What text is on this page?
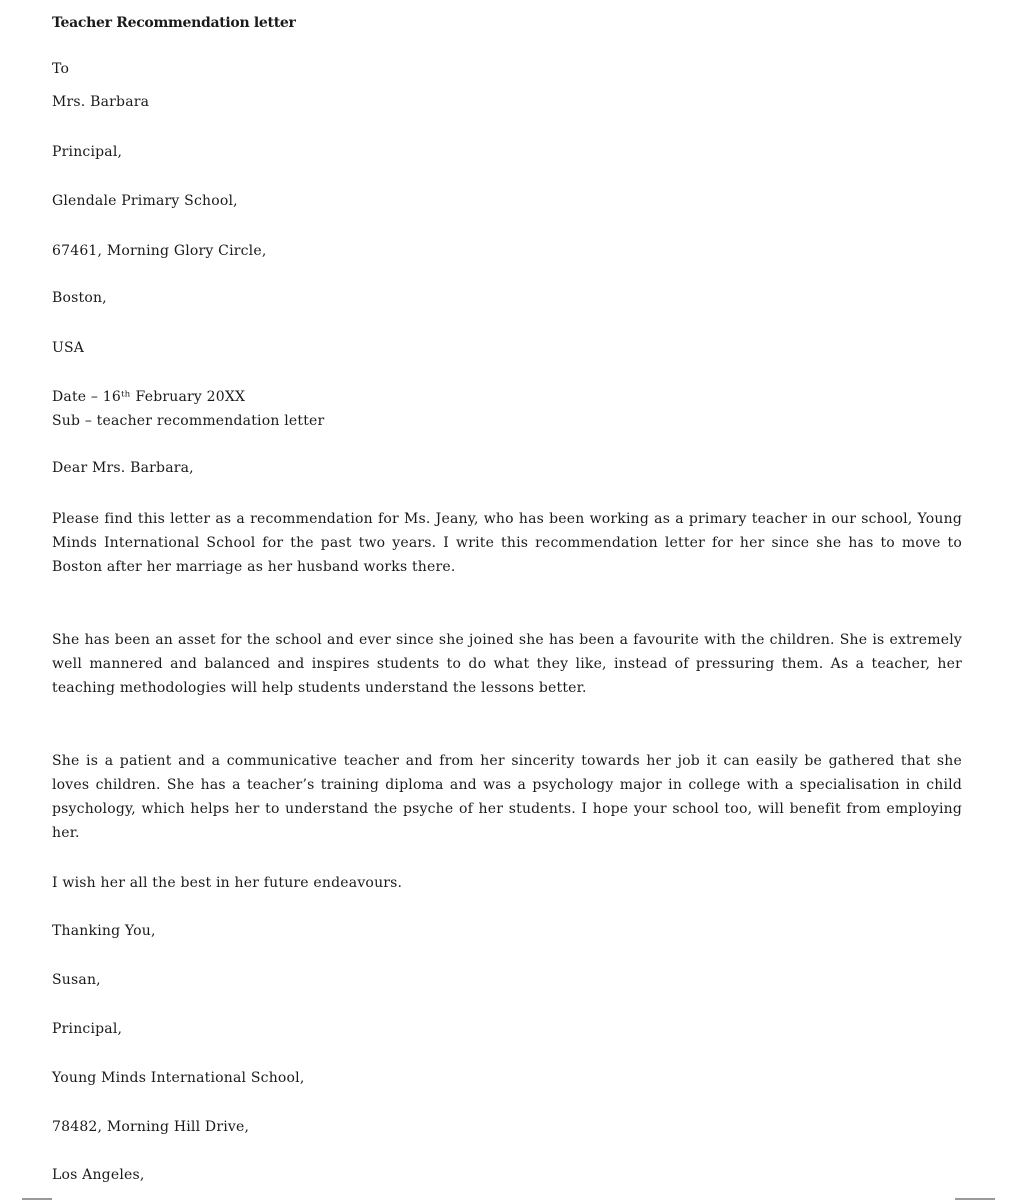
Teacher Recommendation letter
To
Mrs. Barbara
Principal,
Glendale Primary School,
67461, Morning Glory Circle,
Boston,
USA
Date – 16ᵗʰ February 20XX
Sub – teacher recommendation letter
Dear Mrs. Barbara,
Please find this letter as a recommendation for Ms. Jeany, who has been working as a primary teacher in our school, Young Minds International School for the past two years. I write this recommendation letter for her since she has to move to Boston after her marriage as her husband works there.
She has been an asset for the school and ever since she joined she has been a favourite with the children. She is extremely well mannered and balanced and inspires students to do what they like, instead of pressuring them. As a teacher, her teaching methodologies will help students understand the lessons better.
She is a patient and a communicative teacher and from her sincerity towards her job it can easily be gathered that she loves children. She has a teacher’s training diploma and was a psychology major in college with a specialisation in child psychology, which helps her to understand the psyche of her students. I hope your school too, will benefit from employing her.
I wish her all the best in her future endeavours.
Thanking You,
Susan,
Principal,
Young Minds International School,
78482, Morning Hill Drive,
Los Angeles,
